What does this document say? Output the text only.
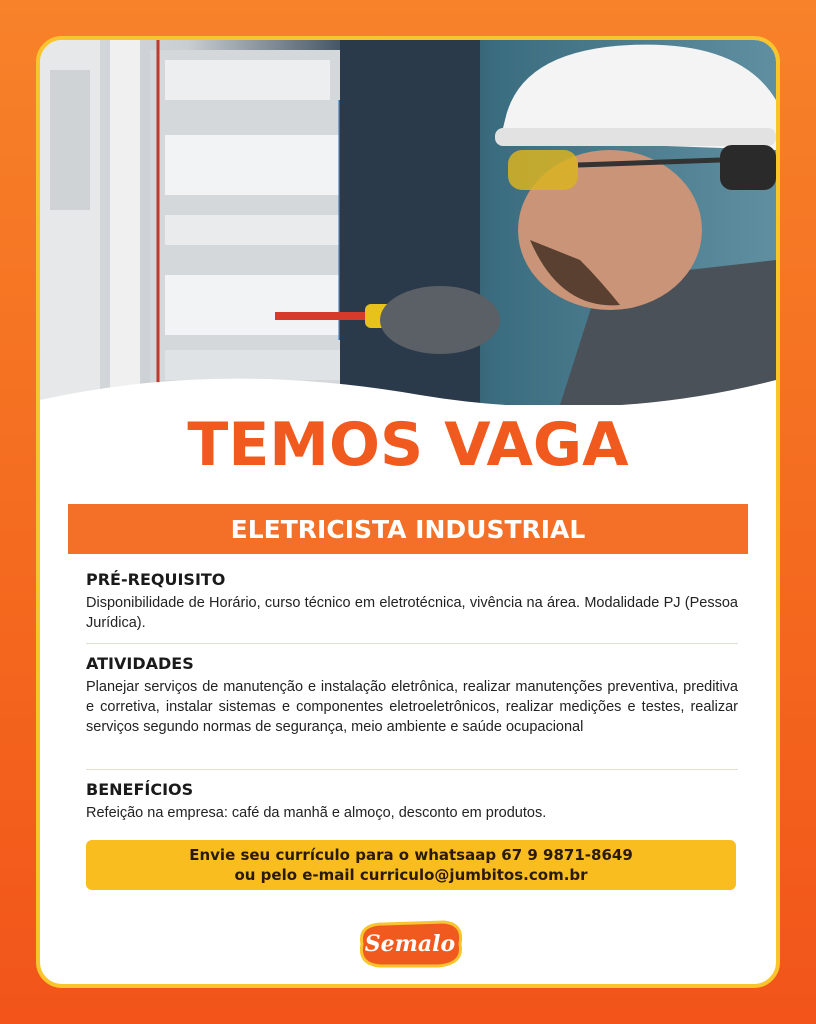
TEMOS VAGA
ELETRICISTA INDUSTRIAL
PRÉ-REQUISITO

Disponibilidade de Horário, curso técnico em eletrotécnica, vivência na área. Modalidade PJ (Pessoa Jurídica).

ATIVIDADES

Planejar serviços de manutenção e instalação eletrônica, realizar manutenções preventiva, preditiva e corretiva, instalar sistemas e componentes eletroeletrônicos, realizar medições e testes, realizar serviços segundo normas de segurança, meio ambiente e saúde ocupacional

BENEFÍCIOS

Refeição na empresa: café da manhã e almoço, desconto em produtos.

Envie seu currículo para o whatsaap 67 9 9871-8649
ou pelo e-mail curriculo@jumbitos.com.br
Semalo
